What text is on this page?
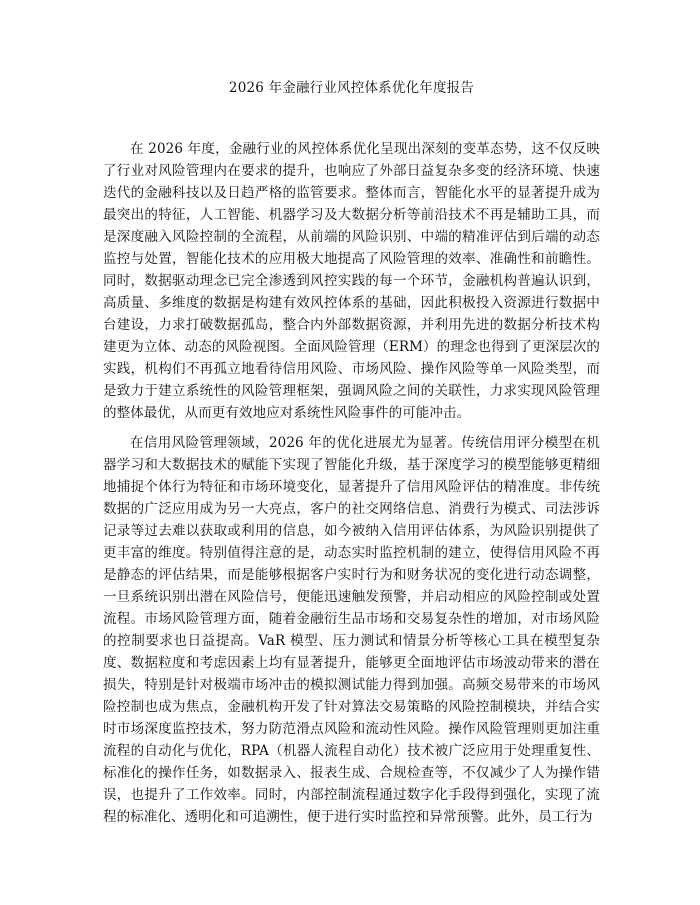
2026 年金融行业风控体系优化年度报告

在 2026 年度，金融行业的风控体系优化呈现出深刻的变革态势，这不仅反映了行业对风险管理内在要求的提升，也响应了外部日益复杂多变的经济环境、快速迭代的金融科技以及日趋严格的监管要求。整体而言，智能化水平的显著提升成为最突出的特征，人工智能、机器学习及大数据分析等前沿技术不再是辅助工具，而是深度融入风险控制的全流程，从前端的风险识别、中端的精准评估到后端的动态监控与处置，智能化技术的应用极大地提高了风险管理的效率、准确性和前瞻性。同时，数据驱动理念已完全渗透到风控实践的每一个环节，金融机构普遍认识到，高质量、多维度的数据是构建有效风控体系的基础，因此积极投入资源进行数据中台建设，力求打破数据孤岛，整合内外部数据资源，并利用先进的数据分析技术构建更为立体、动态的风险视图。全面风险管理（ERM）的理念也得到了更深层次的实践，机构们不再孤立地看待信用风险、市场风险、操作风险等单一风险类型，而是致力于建立系统性的风险管理框架，强调风险之间的关联性，力求实现风险管理的整体最优，从而更有效地应对系统性风险事件的可能冲击。

在信用风险管理领域，2026 年的优化进展尤为显著。传统信用评分模型在机器学习和大数据技术的赋能下实现了智能化升级，基于深度学习的模型能够更精细地捕捉个体行为特征和市场环境变化，显著提升了信用风险评估的精准度。非传统数据的广泛应用成为另一大亮点，客户的社交网络信息、消费行为模式、司法涉诉记录等过去难以获取或利用的信息，如今被纳入信用评估体系，为风险识别提供了更丰富的维度。特别值得注意的是，动态实时监控机制的建立，使得信用风险不再是静态的评估结果，而是能够根据客户实时行为和财务状况的变化进行动态调整，一旦系统识别出潜在风险信号，便能迅速触发预警，并启动相应的风险控制或处置流程。市场风险管理方面，随着金融衍生品市场和交易复杂性的增加，对市场风险的控制要求也日益提高。VaR 模型、压力测试和情景分析等核心工具在模型复杂度、数据粒度和考虑因素上均有显著提升，能够更全面地评估市场波动带来的潜在损失，特别是针对极端市场冲击的模拟测试能力得到加强。高频交易带来的市场风险控制也成为焦点，金融机构开发了针对算法交易策略的风险控制模块，并结合实时市场深度监控技术，努力防范滑点风险和流动性风险。操作风险管理则更加注重流程的自动化与优化，RPA（机器人流程自动化）技术被广泛应用于处理重复性、标准化的操作任务，如数据录入、报表生成、合规检查等，不仅减少了人为操作错误，也提升了工作效率。同时，内部控制流程通过数字化手段得到强化，实现了流程的标准化、透明化和可追溯性，便于进行实时监控和异常预警。此外，员工行为
